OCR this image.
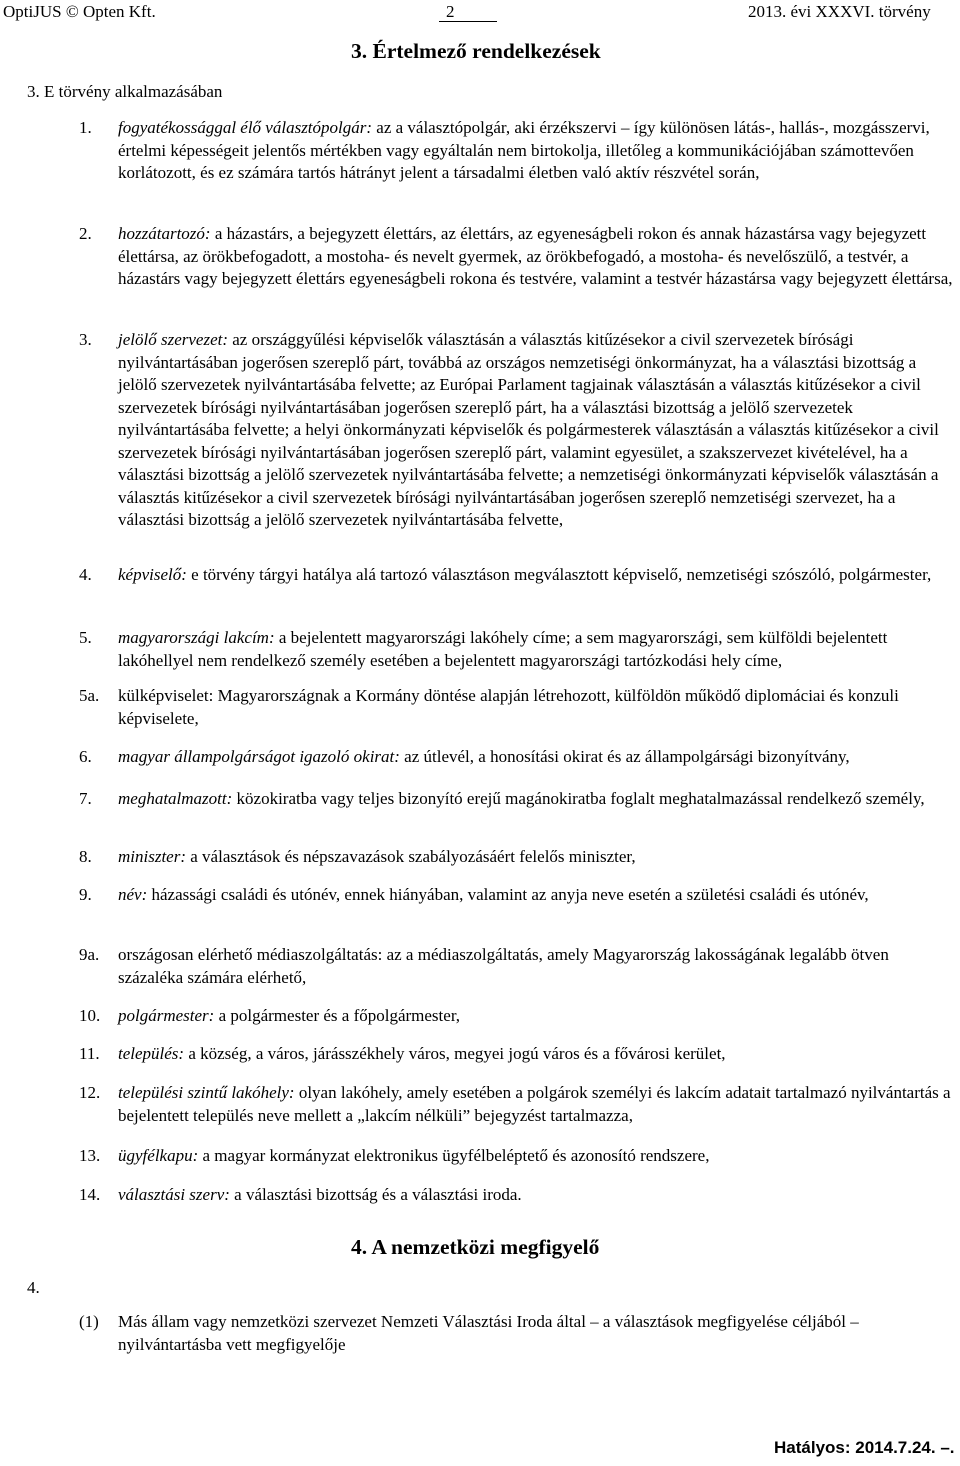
OptiJUS © Opten Kft.	2	2013. évi XXXVI. törvény
3. E törvény alkalmazásában
3. Értelmező rendelkezések
1. fogyatékossággal élő választópolgár: az a választópolgár, aki érzékszervi – így különösen látás-, hallás-, mozgásszervi, értelmi képességeit jelentős mértékben vagy egyáltalán nem birtokolja, illetőleg a kommunikációjában számottevően korlátozott, és ez számára tartós hátrányt jelent a társadalmi életben való aktív részvétel során,
2. hozzátartozó: a házastárs, a bejegyzett élettárs, az élettárs, az egyeneságbeli rokon és annak házastársa vagy bejegyzett élettársa, az örökbefogadott, a mostoha- és nevelt gyermek, az örökbefogadó, a mostoha- és nevelőszülő, a testvér, a házastárs vagy bejegyzett élettárs egyeneságbeli rokona és testvére, valamint a testvér házastársa vagy bejegyzett élettársa,
3. jelölő szervezet: az országgyűlési képviselők választásán a választás kitűzésekor a civil szervezetek bírósági nyilvántartásában jogerősen szereplő párt, továbbá az országos nemzetiségi önkormányzat, ha a választási bizottság a jelölő szervezetek nyilvántartásába felvette; az Európai Parlament tagjainak választásán a választás kitűzésekor a civil szervezetek bírósági nyilvántartásában jogerősen szereplő párt, ha a választási bizottság a jelölő szervezetek nyilvántartásába felvette; a helyi önkormányzati képviselők és polgármesterek választásán a választás kitűzésekor a civil szervezetek bírósági nyilvántartásában jogerősen szereplő párt, valamint egyesület, a szakszervezet kivételével, ha a választási bizottság a jelölő szervezetek nyilvántartásába felvette; a nemzetiségi önkormányzati képviselők választásán a választás kitűzésekor a civil szervezetek bírósági nyilvántartásában jogerősen szereplő nemzetiségi szervezet, ha a választási bizottság a jelölő szervezetek nyilvántartásába felvette,
4. képviselő: e törvény tárgyi hatálya alá tartozó választáson megválasztott képviselő, nemzetiségi szószóló, polgármester,
5. magyarországi lakcím: a bejelentett magyarországi lakóhely címe; a sem magyarországi, sem külföldi bejelentett lakóhellyel nem rendelkező személy esetében a bejelentett magyarországi tartózkodási hely címe,
5a. külképviselet: Magyarországnak a Kormány döntése alapján létrehozott, külföldön működő diplomáciai és konzuli képviselete,
6. magyar állampolgárságot igazoló okirat: az útlevél, a honosítási okirat és az állampolgársági bizonyítvány,
7. meghatalmazott: közokiratba vagy teljes bizonyító erejű magánokiratba foglalt meghatalmazással rendelkező személy,
8. miniszter: a választások és népszavazások szabályozásáért felelős miniszter,
9. név: házassági családi és utónév, ennek hiányában, valamint az anyja neve esetén a születési családi és utónév,
9a. országosan elérhető médiaszolgáltatás: az a médiaszolgáltatás, amely Magyarország lakosságának legalább ötven százaléka számára elérhető,
10. polgármester: a polgármester és a főpolgármester,
11. település: a község, a város, járásszékhely város, megyei jogú város és a fővárosi kerület,
12. települési szintű lakóhely: olyan lakóhely, amely esetében a polgárok személyi és lakcím adatait tartalmazó nyilvántartás a bejelentett település neve mellett a „lakcím nélküli” bejegyzést tartalmazza,
13. ügyfélkapu: a magyar kormányzat elektronikus ügyfélbeléptető és azonosító rendszere,
14. választási szerv: a választási bizottság és a választási iroda.
4.
4. A nemzetközi megfigyelő
(1) Más állam vagy nemzetközi szervezet Nemzeti Választási Iroda által – a választások megfigyelése céljából – nyilvántartásba vett megfigyelője
Hatályos: 2014.7.24. –.
